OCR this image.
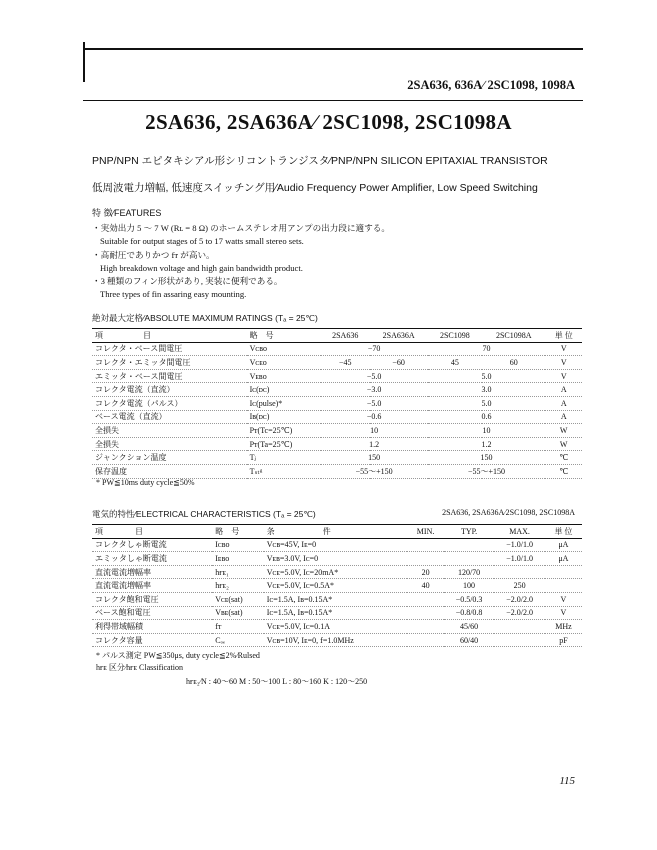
2SA636, 636A∕ 2SC1098, 1098A
2SA636, 2SA636A∕ 2SC1098, 2SC1098A
PNP/NPN エピタキシアル形シリコントランジスタ∕PNP/NPN SILICON EPITAXIAL TRANSISTOR
低周波電力増幅, 低速度スイッチング用∕Audio Frequency Power Amplifier, Low Speed Switching
特 徴∕FEATURES
・実効出力 5 ～ 7 W (Rʟ = 8 Ω) のホームステレオ用アンプの出力段に適する。
Suitable for output stages of 5 to 17 watts small stereo sets.
・高耐圧でありかつ fᴛ が高い。
High breakdown voltage and high gain bandwidth product.
・3 種類のフィン形状があり, 実装に便利である。
Three types of fin assaring easy mounting.
絶対最大定格∕ABSOLUTE MAXIMUM RATINGS (Tₐ = 25℃)
項　　　　　目	略　号	2SA636	2SA636A	2SC1098	2SC1098A	単 位
コレクタ・ベース間電圧	Vᴄʙᴏ	−70		70		V
コレクタ・エミッタ間電圧	Vᴄᴇᴏ	−45	−60	45	60	V
エミッタ・ベース間電圧	Vᴇʙᴏ	−5.0		5.0		V
コレクタ電流（直流）	Iᴄ(ᴅᴄ)	−3.0		3.0		A
コレクタ電流（パルス）	Iᴄ(pulse)*	−5.0		5.0		A
ベース電流（直流）	Iʙ(ᴅᴄ)	−0.6		0.6		A
全損失	Pᴛ(Tc=25℃)	10		10		W
全損失	Pᴛ(Ta=25℃)	1.2		1.2		W
ジャンクション温度	Tⱼ	150		150		℃
保存温度	Tₛₜᵍ	−55～+150		−55～+150		℃
* PW≦10ms duty cycle≦50%
電気的特性∕ELECTRICAL CHARACTERISTICS (Tₐ = 25℃)	2SA636, 2SA636A∕2SC1098, 2SC1098A
項　　　　目	略　号	条　　　　　　件	MIN.	TYP.	MAX.	単 位
コレクタしゃ断電流	Iᴄʙᴏ	Vᴄʙ=45V, Iᴇ=0			−1.0/1.0	μA
エミッタしゃ断電流	Iᴇʙᴏ	Vᴇʙ=3.0V, Iᴄ=0			−1.0/1.0	μA
直流電流増幅率	hғᴇ₁	Vᴄᴇ=5.0V, Iᴄ=20mA*	20	120/70		
直流電流増幅率	hғᴇ₂	Vᴄᴇ=5.0V, Iᴄ=0.5A*	40	100	250	
コレクタ飽和電圧	Vᴄᴇ(sat)	Iᴄ=1.5A, Iʙ=0.15A*		−0.5/0.3	−2.0/2.0	V
ベース飽和電圧	Vʙᴇ(sat)	Iᴄ=1.5A, Iʙ=0.15A*		−0.8/0.8	−2.0/2.0	V
利得帯域幅積	fᴛ	Vᴄᴇ=5.0V, Iᴄ=0.1A		45/60		MHz
コレクタ容量	Cₒₑ	Vᴄʙ=10V, Iᴇ=0, f=1.0MHz		60/40		pF
* パルス測定 PW≦350μs, duty cycle≦2%∕Rulsed
hғᴇ 区分∕hғᴇ Classification
hғᴇ₂∕N : 40～60 M : 50～100 L : 80～160 K : 120～250
115
